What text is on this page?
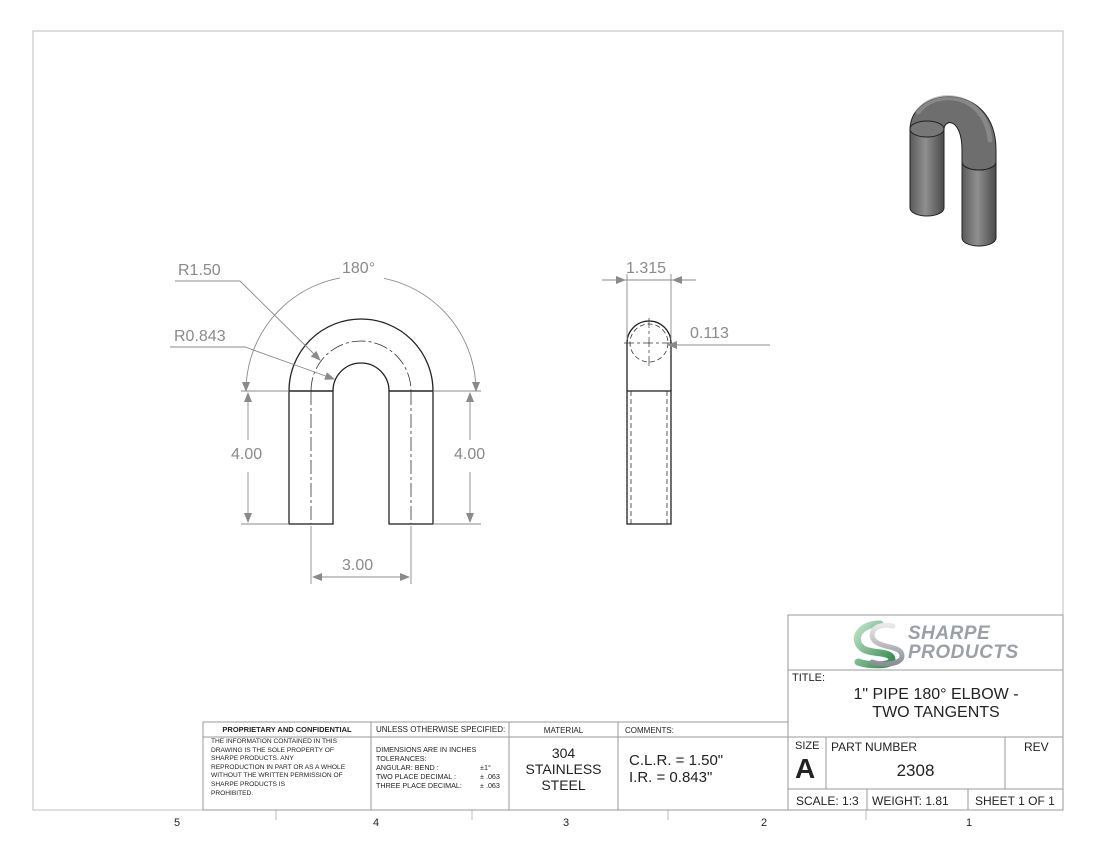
R1.50	180°
R0.843
4.00	4.00
3.00
1.315
0.113
5	4	3	2	1
PROPRIETARY AND CONFIDENTIAL
THE INFORMATION CONTAINED IN THIS
DRAWING IS THE SOLE PROPERTY OF
SHARPE PRODUCTS. ANY
REPRODUCTION IN PART OR AS A WHOLE
WITHOUT THE WRITTEN PERMISSION OF
SHARPE PRODUCTS IS
PROHIBITED.
UNLESS OTHERWISE SPECIFIED:
DIMENSIONS ARE IN INCHES
TOLERANCES:
ANGULAR: BEND :	±1°
TWO PLACE DECIMAL :	± .063
THREE PLACE DECIMAL:	± .063
MATERIAL
304
STAINLESS
STEEL
COMMENTS:
C.L.R. = 1.50"
I.R. = 0.843"
SHARPE
PRODUCTS
TITLE:
1" PIPE 180° ELBOW -
TWO TANGENTS
SIZE
A
PART NUMBER
2308
REV
SCALE: 1:3 WEIGHT: 1.81 SHEET 1 OF 1
